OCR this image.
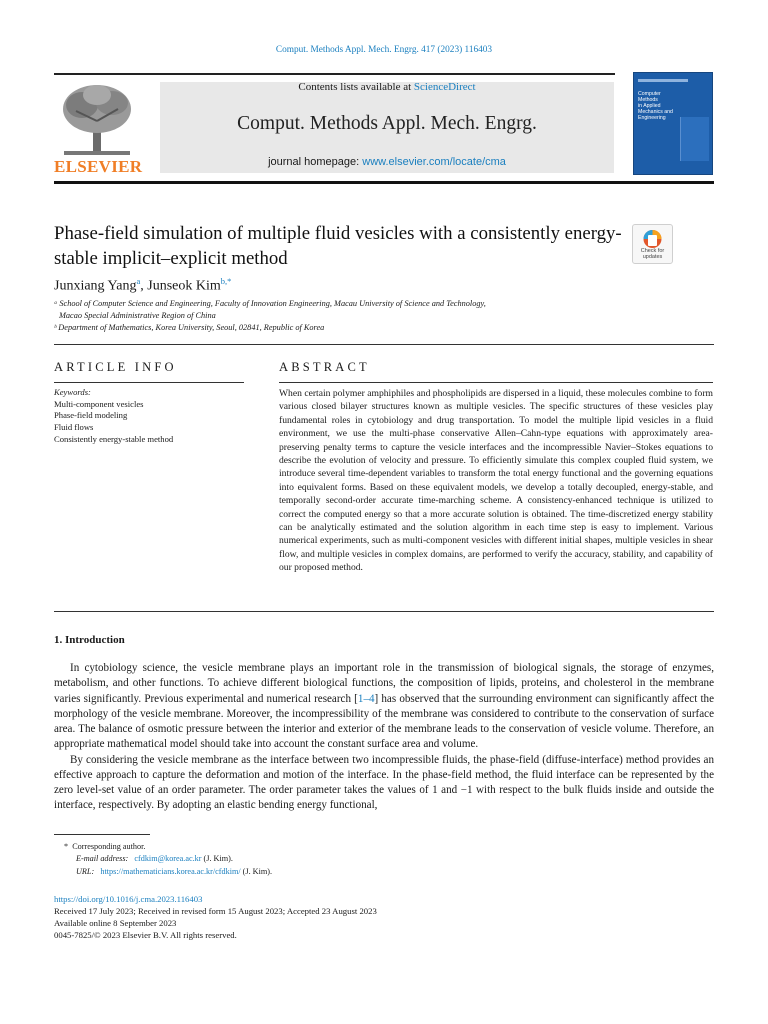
Comput. Methods Appl. Mech. Engrg. 417 (2023) 116403
ELSEVIER
Contents lists available at ScienceDirect
Comput. Methods Appl. Mech. Engrg.
journal homepage: www.elsevier.com/locate/cma
Computer
Methods
in Applied
Mechanics and
Engineering
Phase-field simulation of multiple fluid vesicles with a consistently energy-stable implicit–explicit method	Check for updates
Junxiang Yang$^a$, Junseok Kim$^{b,*}$
ᵃ School of Computer Science and Engineering, Faculty of Innovation Engineering, Macau University of Science and Technology,
Macao Special Administrative Region of China
ᵇ Department of Mathematics, Korea University, Seoul, 02841, Republic of Korea
ARTICLE INFO	ABSTRACT
Keywords:
Multi-component vesicles
Phase-field modeling
Fluid flows
Consistently energy-stable method
When certain polymer amphiphiles and phospholipids are dispersed in a liquid, these molecules combine to form various closed bilayer structures known as multiple vesicles. The specific structures of these vesicles play fundamental roles in cytobiology and drug transportation. To model the multiple lipid vesicles in a fluid environment, we use the multi-phase conservative Allen–Cahn-type equations with approximately area-preserving penalty terms to capture the vesicle interfaces and the incompressible Navier–Stokes equations to describe the evolution of velocity and pressure. To efficiently simulate this complex coupled fluid system, we introduce several time-dependent variables to transform the total energy functional and the governing equations into equivalent forms. Based on these equivalent models, we develop a totally decoupled, energy-stable, and temporally second-order accurate time-marching scheme. A consistency-enhanced technique is utilized to correct the computed energy so that a more accurate solution is obtained. The time-discretized energy stability can be analytically estimated and the solution algorithm in each time step is easy to implement. Various numerical experiments, such as multi-component vesicles with different initial shapes, multiple vesicles in shear flow, and multiple vesicles in complex domains, are performed to verify the accuracy, stability, and capability of our proposed method.
1. Introduction

In cytobiology science, the vesicle membrane plays an important role in the transmission of biological signals, the storage of enzymes, metabolism, and other functions. To achieve different biological functions, the composition of lipids, proteins, and cholesterol in the membrane varies significantly. Previous experimental and numerical research [1–4] has observed that the surrounding environment can significantly affect the morphology of the vesicle membrane. Moreover, the incompressibility of the membrane was considered to contribute to the conservation of surface area. The balance of osmotic pressure between the interior and exterior of the membrane leads to the conservation of vesicle volume. Therefore, an appropriate mathematical model should take into account the constant surface area and volume.

By considering the vesicle membrane as the interface between two incompressible fluids, the phase-field (diffuse-interface) method provides an effective approach to capture the deformation and motion of the interface. In the phase-field method, the fluid interface can be represented by the zero level-set value of an order parameter. The order parameter takes the values of 1 and −1 with respect to the bulk fluids inside and outside the interface, respectively. By adopting an elastic bending energy functional,

* Corresponding author.
E-mail address: cfdkim@korea.ac.kr (J. Kim).
URL: https://mathematicians.korea.ac.kr/cfdkim/ (J. Kim).
https://doi.org/10.1016/j.cma.2023.116403
Received 17 July 2023; Received in revised form 15 August 2023; Accepted 23 August 2023
Available online 8 September 2023
0045-7825/© 2023 Elsevier B.V. All rights reserved.
